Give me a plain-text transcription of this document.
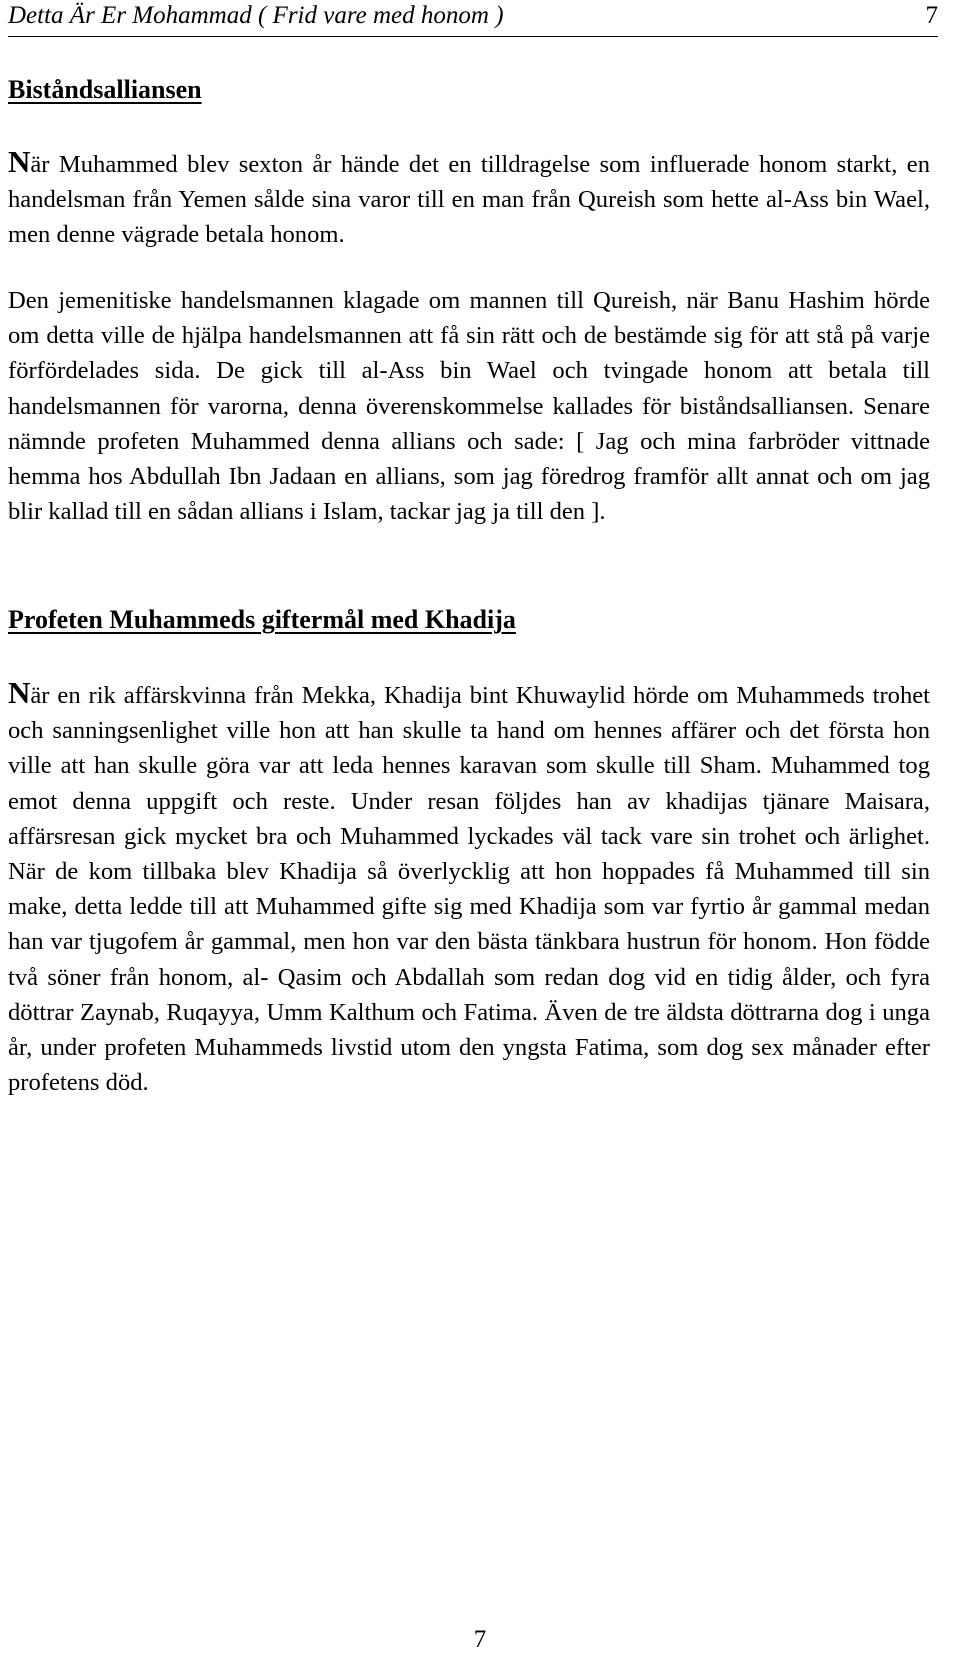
Detta Är Er Mohammad ( Frid vare med honom )	7
Biståndsalliansen

När Muhammed blev sexton år hände det en tilldragelse som influerade honom starkt, en handelsman från Yemen sålde sina varor till en man från Qureish som hette al-Ass bin Wael, men denne vägrade betala honom.

Den jemenitiske handelsmannen klagade om mannen till Qureish, när Banu Hashim hörde om detta ville de hjälpa handelsmannen att få sin rätt och de bestämde sig för att stå på varje förfördelades sida. De gick till al-Ass bin Wael och tvingade honom att betala till handelsmannen för varorna, denna överenskommelse kallades för biståndsalliansen. Senare nämnde profeten Muhammed denna allians och sade: [ Jag och mina farbröder vittnade hemma hos Abdullah Ibn Jadaan en allians, som jag föredrog framför allt annat och om jag blir kallad till en sådan allians i Islam, tackar jag ja till den ].

Profeten Muhammeds giftermål med Khadija

När en rik affärskvinna från Mekka, Khadija bint Khuwaylid hörde om Muhammeds trohet och sanningsenlighet ville hon att han skulle ta hand om hennes affärer och det första hon ville att han skulle göra var att leda hennes karavan som skulle till Sham. Muhammed tog emot denna uppgift och reste. Under resan följdes han av khadijas tjänare Maisara, affärsresan gick mycket bra och Muhammed lyckades väl tack vare sin trohet och ärlighet. När de kom tillbaka blev Khadija så överlycklig att hon hoppades få Muhammed till sin make, detta ledde till att Muhammed gifte sig med Khadija som var fyrtio år gammal medan han var tjugofem år gammal, men hon var den bästa tänkbara hustrun för honom. Hon födde två söner från honom, al- Qasim och Abdallah som redan dog vid en tidig ålder, och fyra döttrar Zaynab, Ruqayya, Umm Kalthum och Fatima. Även de tre äldsta döttrarna dog i unga år, under profeten Muhammeds livstid utom den yngsta Fatima, som dog sex månader efter profetens död.

7
